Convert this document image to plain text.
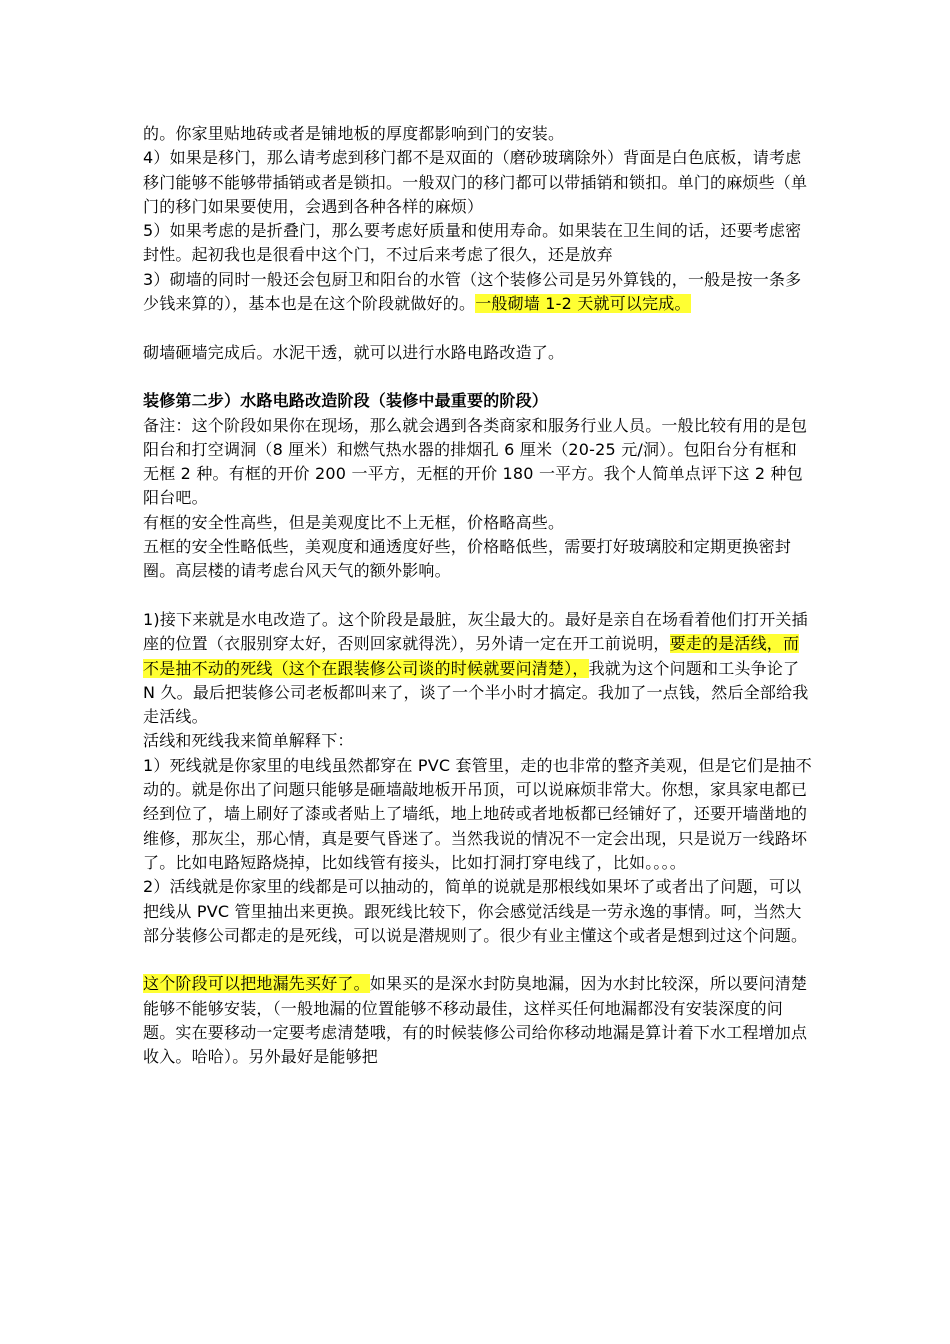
的。你家里贴地砖或者是铺地板的厚度都影响到门的安装。

4）如果是移门，那么请考虑到移门都不是双面的（磨砂玻璃除外）背面是白色底板，请考虑移门能够不能够带插销或者是锁扣。一般双门的移门都可以带插销和锁扣。单门的麻烦些（单门的移门如果要使用，会遇到各种各样的麻烦）

5）如果考虑的是折叠门，那么要考虑好质量和使用寿命。如果装在卫生间的话，还要考虑密封性。起初我也是很看中这个门，不过后来考虑了很久，还是放弃

3）砌墙的同时一般还会包厨卫和阳台的水管（这个装修公司是另外算钱的，一般是按一条多少钱来算的），基本也是在这个阶段就做好的。一般砌墙 1-2 天就可以完成。

砌墙砸墙完成后。水泥干透，就可以进行水路电路改造了。

装修第二步）水路电路改造阶段（装修中最重要的阶段）

备注：这个阶段如果你在现场，那么就会遇到各类商家和服务行业人员。一般比较有用的是包阳台和打空调洞（8 厘米）和燃气热水器的排烟孔 6 厘米（20-25 元/洞）。包阳台分有框和无框 2 种。有框的开价 200 一平方，无框的开价 180 一平方。我个人简单点评下这 2 种包阳台吧。

有框的安全性高些，但是美观度比不上无框，价格略高些。

五框的安全性略低些，美观度和通透度好些，价格略低些，需要打好玻璃胶和定期更换密封圈。高层楼的请考虑台风天气的额外影响。

1)接下来就是水电改造了。这个阶段是最脏，灰尘最大的。最好是亲自在场看着他们打开关插座的位置（衣服别穿太好，否则回家就得洗），另外请一定在开工前说明，要走的是活线，而不是抽不动的死线（这个在跟装修公司谈的时候就要问清楚），我就为这个问题和工头争论了 N 久。最后把装修公司老板都叫来了，谈了一个半小时才搞定。我加了一点钱，然后全部给我走活线。

活线和死线我来简单解释下：

1）死线就是你家里的电线虽然都穿在 PVC 套管里，走的也非常的整齐美观，但是它们是抽不动的。就是你出了问题只能够是砸墙敲地板开吊顶，可以说麻烦非常大。你想，家具家电都已经到位了，墙上刷好了漆或者贴上了墙纸，地上地砖或者地板都已经铺好了，还要开墙凿地的维修，那灰尘，那心情，真是要气昏迷了。当然我说的情况不一定会出现，只是说万一线路坏了。比如电路短路烧掉，比如线管有接头，比如打洞打穿电线了，比如。。。。

2）活线就是你家里的线都是可以抽动的，简单的说就是那根线如果坏了或者出了问题，可以把线从 PVC 管里抽出来更换。跟死线比较下，你会感觉活线是一劳永逸的事情。呵，当然大部分装修公司都走的是死线，可以说是潜规则了。很少有业主懂这个或者是想到过这个问题。

这个阶段可以把地漏先买好了。如果买的是深水封防臭地漏，因为水封比较深，所以要问清楚能够不能够安装，（一般地漏的位置能够不移动最佳，这样买任何地漏都没有安装深度的问题。实在要移动一定要考虑清楚哦，有的时候装修公司给你移动地漏是算计着下水工程增加点收入。哈哈）。另外最好是能够把
